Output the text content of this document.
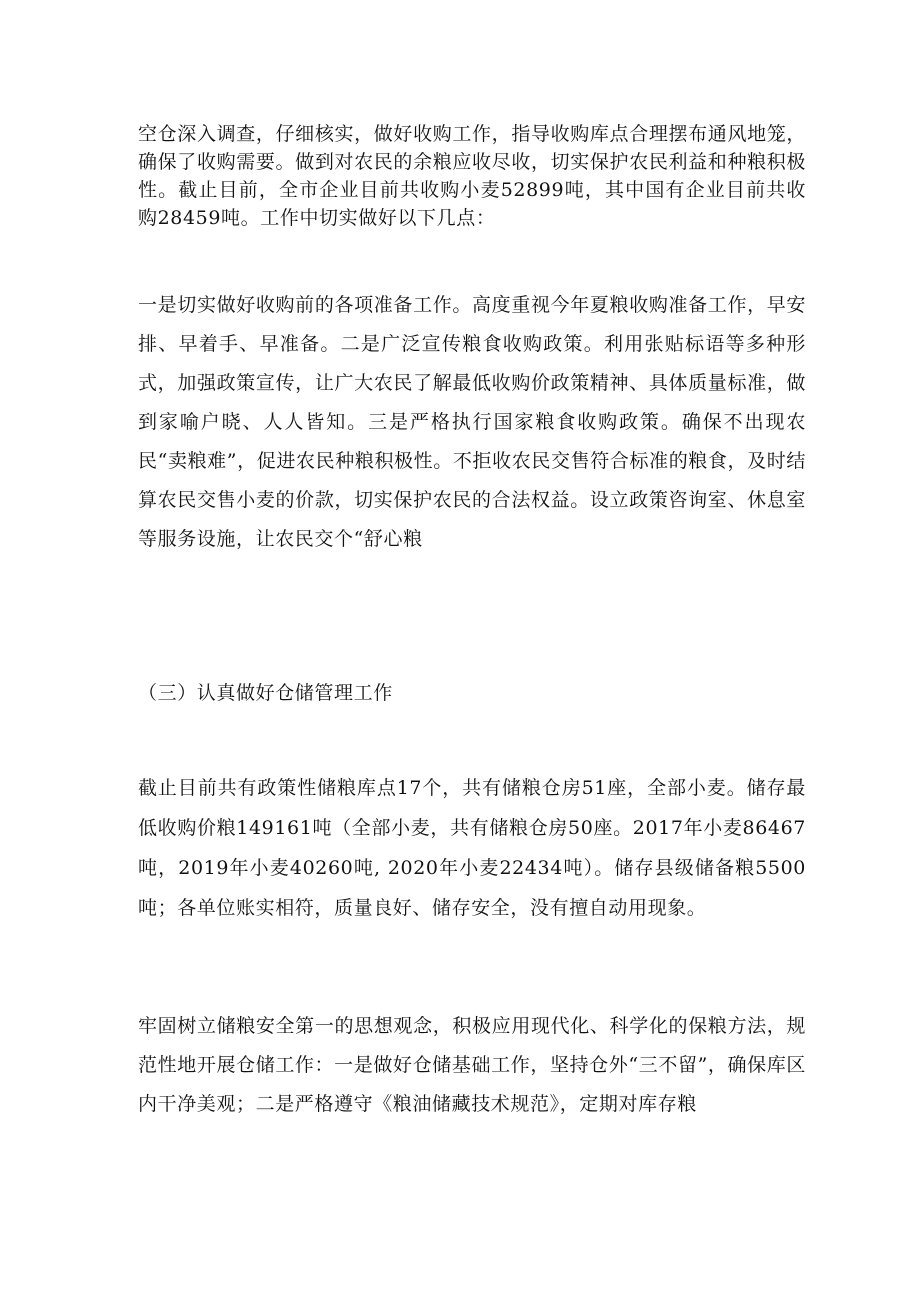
空仓深入调查，仔细核实，做好收购工作，指导收购库点合理摆布通风地笼，确保了收购需要。做到对农民的余粮应收尽收，切实保护农民利益和种粮积极性。截止目前，全市企业目前共收购小麦52899吨，其中国有企业目前共收购28459吨。工作中切实做好以下几点：
一是切实做好收购前的各项准备工作。高度重视今年夏粮收购准备工作，早安排、早着手、早准备。二是广泛宣传粮食收购政策。利用张贴标语等多种形式，加强政策宣传，让广大农民了解最低收购价政策精神、具体质量标准，做到家喻户晓、人人皆知。三是严格执行国家粮食收购政策。确保不出现农民“卖粮难”，促进农民种粮积极性。不拒收农民交售符合标准的粮食，及时结算农民交售小麦的价款，切实保护农民的合法权益。设立政策咨询室、休息室等服务设施，让农民交个“舒心粮
（三）认真做好仓储管理工作
截止目前共有政策性储粮库点17个，共有储粮仓房51座，全部小麦。储存最低收购价粮149161吨（全部小麦，共有储粮仓房50座。2017年小麦86467吨，2019年小麦40260吨, 2020年小麦22434吨）。储存县级储备粮5500吨；各单位账实相符，质量良好、储存安全，没有擅自动用现象。
牢固树立储粮安全第一的思想观念，积极应用现代化、科学化的保粮方法，规范性地开展仓储工作：一是做好仓储基础工作，坚持仓外“三不留”，确保库区内干净美观；二是严格遵守《粮油储藏技术规范》，定期对库存粮
